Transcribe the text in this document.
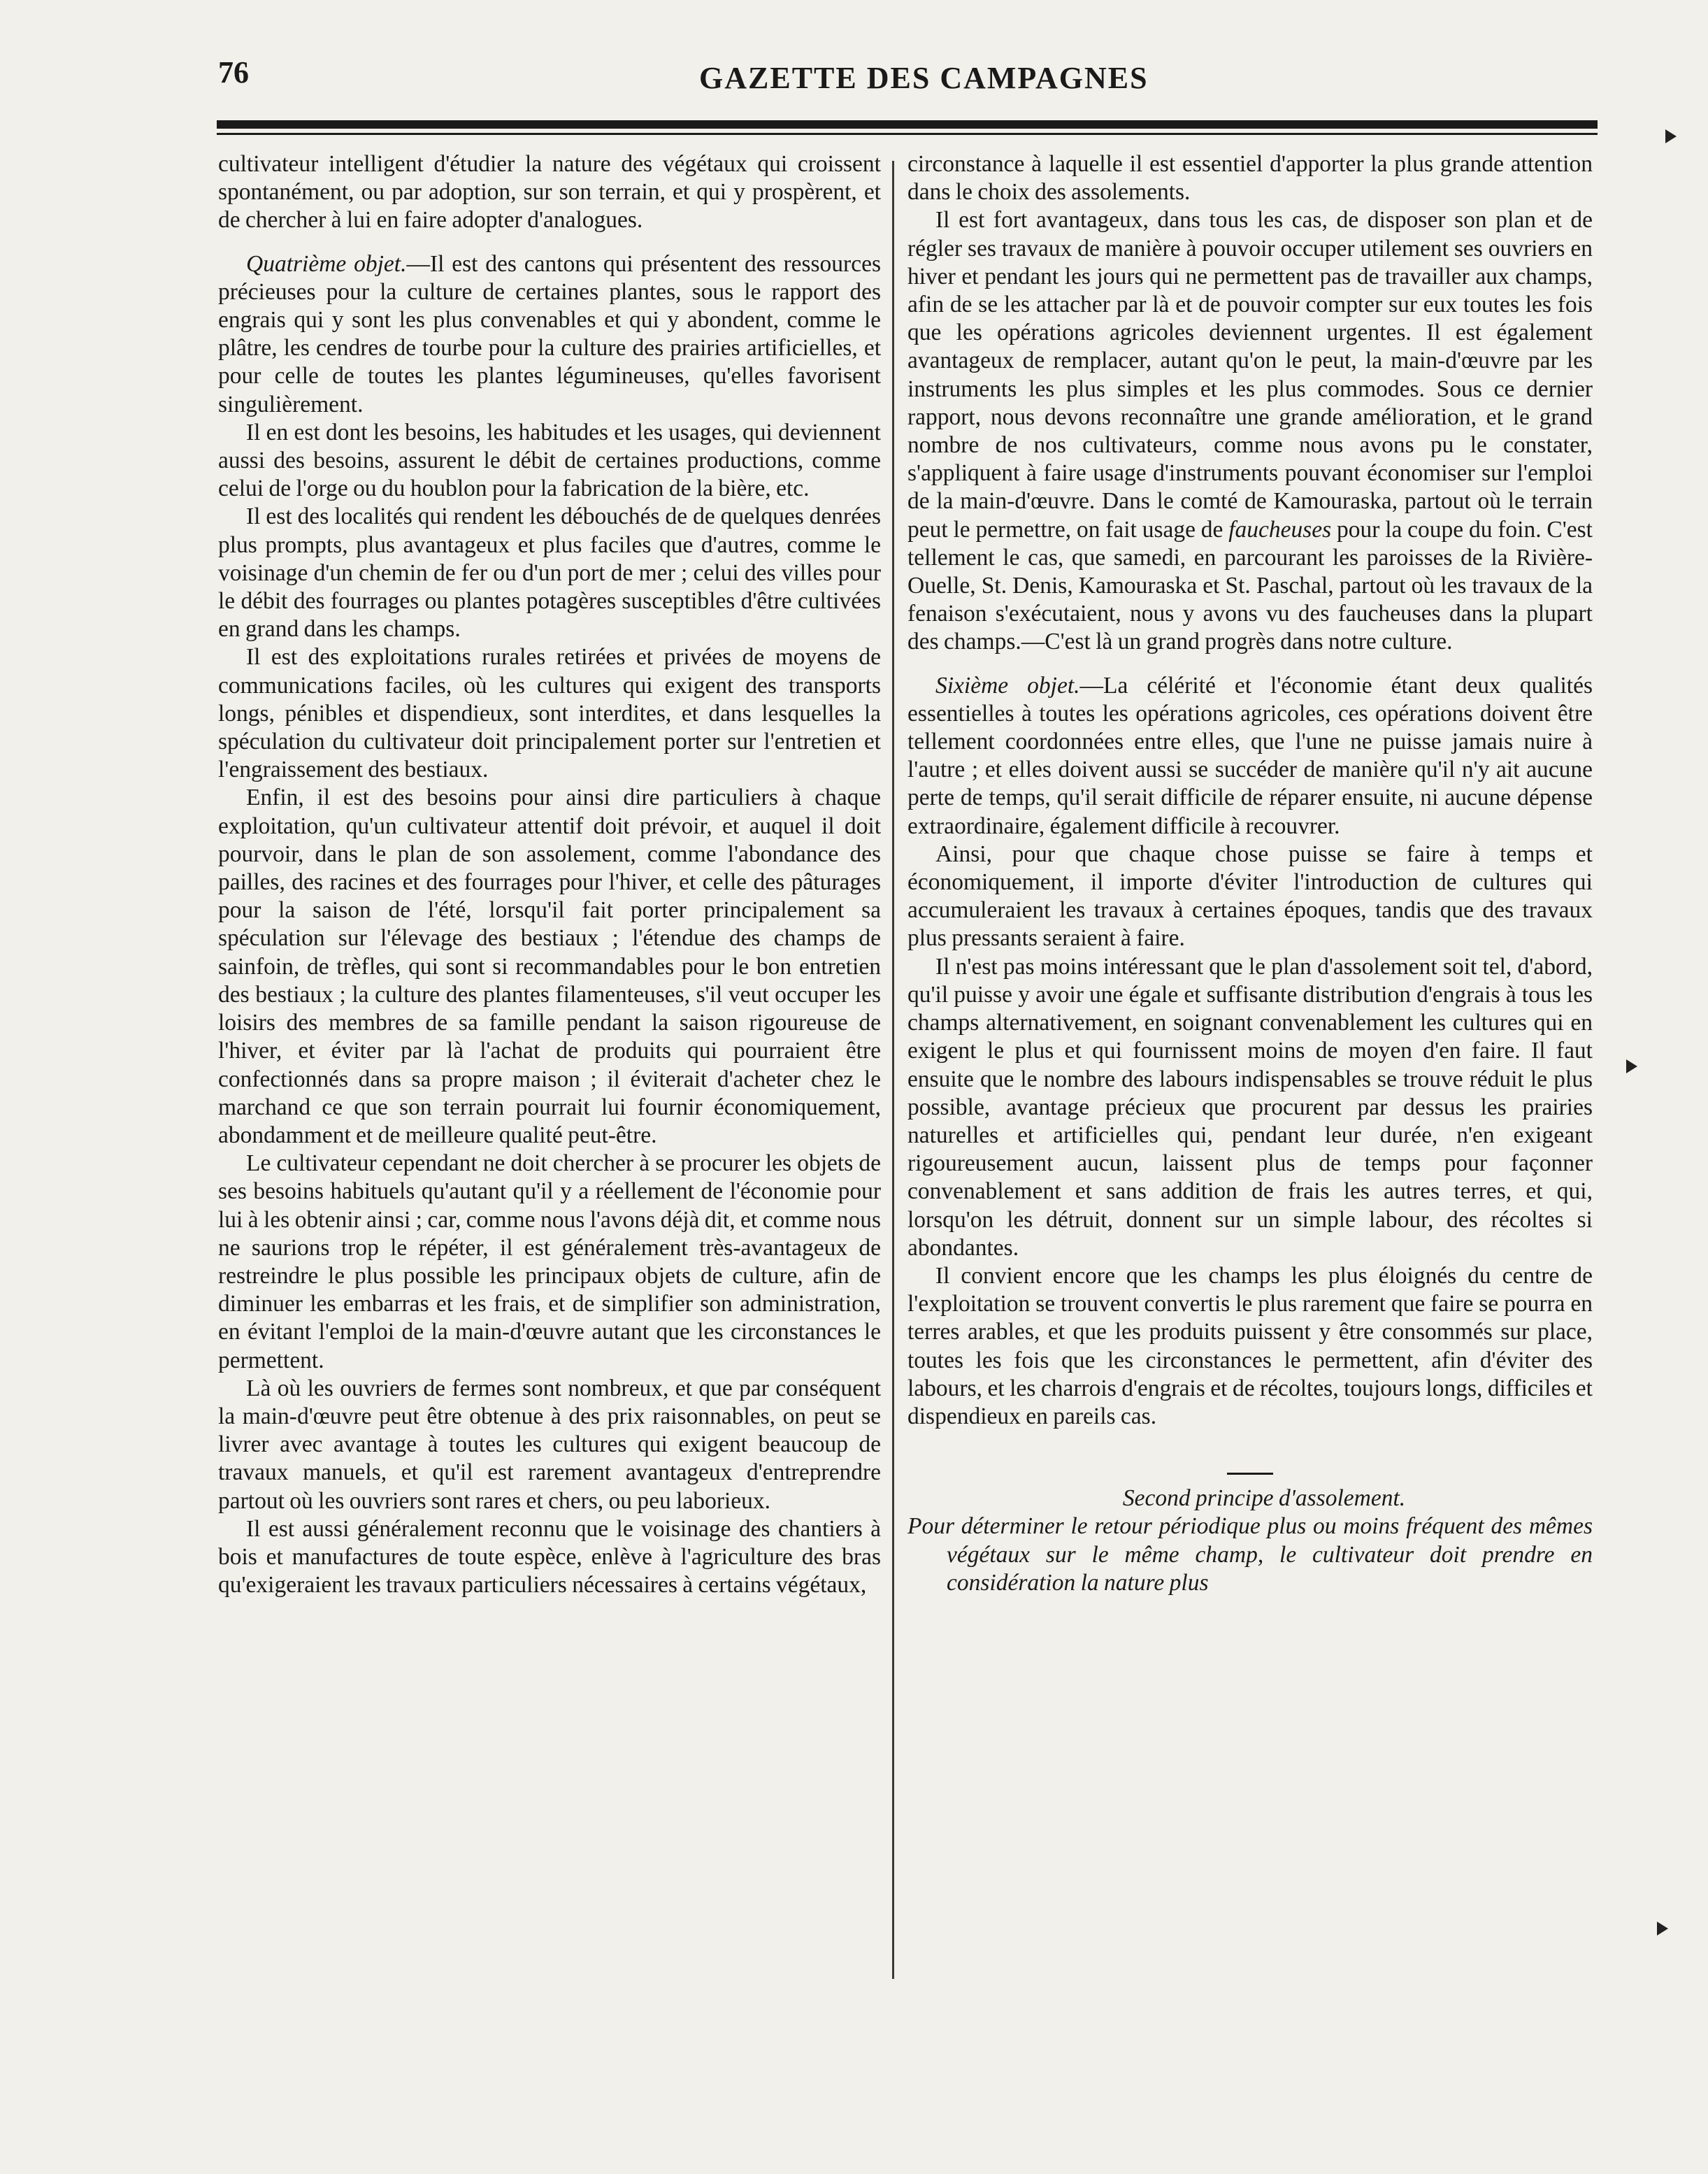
76	GAZETTE DES CAMPAGNES

cultivateur intelligent d'étudier la nature des végétaux qui croissent spontanément, ou par adoption, sur son terrain, et qui y prospèrent, et de chercher à lui en faire adopter d'analogues.

Quatrième objet.—Il est des cantons qui présentent des ressources précieuses pour la culture de certaines plantes, sous le rapport des engrais qui y sont les plus convenables et qui y abondent, comme le plâtre, les cendres de tourbe pour la culture des prairies artificielles, et pour celle de toutes les plantes légumineuses, qu'elles favorisent singulièrement.

Il en est dont les besoins, les habitudes et les usages, qui deviennent aussi des besoins, assurent le débit de certaines productions, comme celui de l'orge ou du houblon pour la fabrication de la bière, etc.

Il est des localités qui rendent les débouchés de de quelques denrées plus prompts, plus avantageux et plus faciles que d'autres, comme le voisinage d'un chemin de fer ou d'un port de mer ; celui des villes pour le débit des fourrages ou plantes potagères susceptibles d'être cultivées en grand dans les champs.

Il est des exploitations rurales retirées et privées de moyens de communications faciles, où les cultures qui exigent des transports longs, pénibles et dispendieux, sont interdites, et dans lesquelles la spéculation du cultivateur doit principalement porter sur l'entretien et l'engraissement des bestiaux.

Enfin, il est des besoins pour ainsi dire particuliers à chaque exploitation, qu'un cultivateur attentif doit prévoir, et auquel il doit pourvoir, dans le plan de son assolement, comme l'abondance des pailles, des racines et des fourrages pour l'hiver, et celle des pâturages pour la saison de l'été, lorsqu'il fait porter principalement sa spéculation sur l'élevage des bestiaux ; l'étendue des champs de sainfoin, de trèfles, qui sont si recommandables pour le bon entretien des bestiaux ; la culture des plantes filamenteuses, s'il veut occuper les loisirs des membres de sa famille pendant la saison rigoureuse de l'hiver, et éviter par là l'achat de produits qui pourraient être confectionnés dans sa propre maison ; il éviterait d'acheter chez le marchand ce que son terrain pourrait lui fournir économiquement, abondamment et de meilleure qualité peut-être.

Le cultivateur cependant ne doit chercher à se procurer les objets de ses besoins habituels qu'autant qu'il y a réellement de l'économie pour lui à les obtenir ainsi ; car, comme nous l'avons déjà dit, et comme nous ne saurions trop le répéter, il est généralement très-avantageux de restreindre le plus possible les principaux objets de culture, afin de diminuer les embarras et les frais, et de simplifier son administration, en évitant l'emploi de la main-d'œuvre autant que les circonstances le permettent.

Là où les ouvriers de fermes sont nombreux, et que par conséquent la main-d'œuvre peut être obtenue à des prix raisonnables, on peut se livrer avec avantage à toutes les cultures qui exigent beaucoup de travaux manuels, et qu'il est rarement avantageux d'entreprendre partout où les ouvriers sont rares et chers, ou peu laborieux.

Il est aussi généralement reconnu que le voisinage des chantiers à bois et manufactures de toute espèce, enlève à l'agriculture des bras qu'exigeraient les travaux particuliers nécessaires à certains végétaux,

circonstance à laquelle il est essentiel d'apporter la plus grande attention dans le choix des assolements.

Il est fort avantageux, dans tous les cas, de disposer son plan et de régler ses travaux de manière à pouvoir occuper utilement ses ouvriers en hiver et pendant les jours qui ne permettent pas de travailler aux champs, afin de se les attacher par là et de pouvoir compter sur eux toutes les fois que les opérations agricoles deviennent urgentes. Il est également avantageux de remplacer, autant qu'on le peut, la main-d'œuvre par les instruments les plus simples et les plus commodes. Sous ce dernier rapport, nous devons reconnaître une grande amélioration, et le grand nombre de nos cultivateurs, comme nous avons pu le constater, s'appliquent à faire usage d'instruments pouvant économiser sur l'emploi de la main-d'œuvre. Dans le comté de Kamouraska, partout où le terrain peut le permettre, on fait usage de faucheuses pour la coupe du foin. C'est tellement le cas, que samedi, en parcourant les paroisses de la Rivière-Ouelle, St. Denis, Kamouraska et St. Paschal, partout où les travaux de la fenaison s'exécutaient, nous y avons vu des faucheuses dans la plupart des champs.—C'est là un grand progrès dans notre culture.

Sixième objet.—La célérité et l'économie étant deux qualités essentielles à toutes les opérations agricoles, ces opérations doivent être tellement coordonnées entre elles, que l'une ne puisse jamais nuire à l'autre ; et elles doivent aussi se succéder de manière qu'il n'y ait aucune perte de temps, qu'il serait difficile de réparer ensuite, ni aucune dépense extraordinaire, également difficile à recouvrer.

Ainsi, pour que chaque chose puisse se faire à temps et économiquement, il importe d'éviter l'introduction de cultures qui accumuleraient les travaux à certaines époques, tandis que des travaux plus pressants seraient à faire.

Il n'est pas moins intéressant que le plan d'assolement soit tel, d'abord, qu'il puisse y avoir une égale et suffisante distribution d'engrais à tous les champs alternativement, en soignant convenablement les cultures qui en exigent le plus et qui fournissent moins de moyen d'en faire. Il faut ensuite que le nombre des labours indispensables se trouve réduit le plus possible, avantage précieux que procurent par dessus les prairies naturelles et artificielles qui, pendant leur durée, n'en exigeant rigoureusement aucun, laissent plus de temps pour façonner convenablement et sans addition de frais les autres terres, et qui, lorsqu'on les détruit, donnent sur un simple labour, des récoltes si abondantes.

Il convient encore que les champs les plus éloignés du centre de l'exploitation se trouvent convertis le plus rarement que faire se pourra en terres arables, et que les produits puissent y être consommés sur place, toutes les fois que les circonstances le permettent, afin d'éviter des labours, et les charrois d'engrais et de récoltes, toujours longs, difficiles et dispendieux en pareils cas.

Second principe d'assolement.

Pour déterminer le retour périodique plus ou moins fréquent des mêmes végétaux sur le même champ, le cultivateur doit prendre en considération la nature plus
